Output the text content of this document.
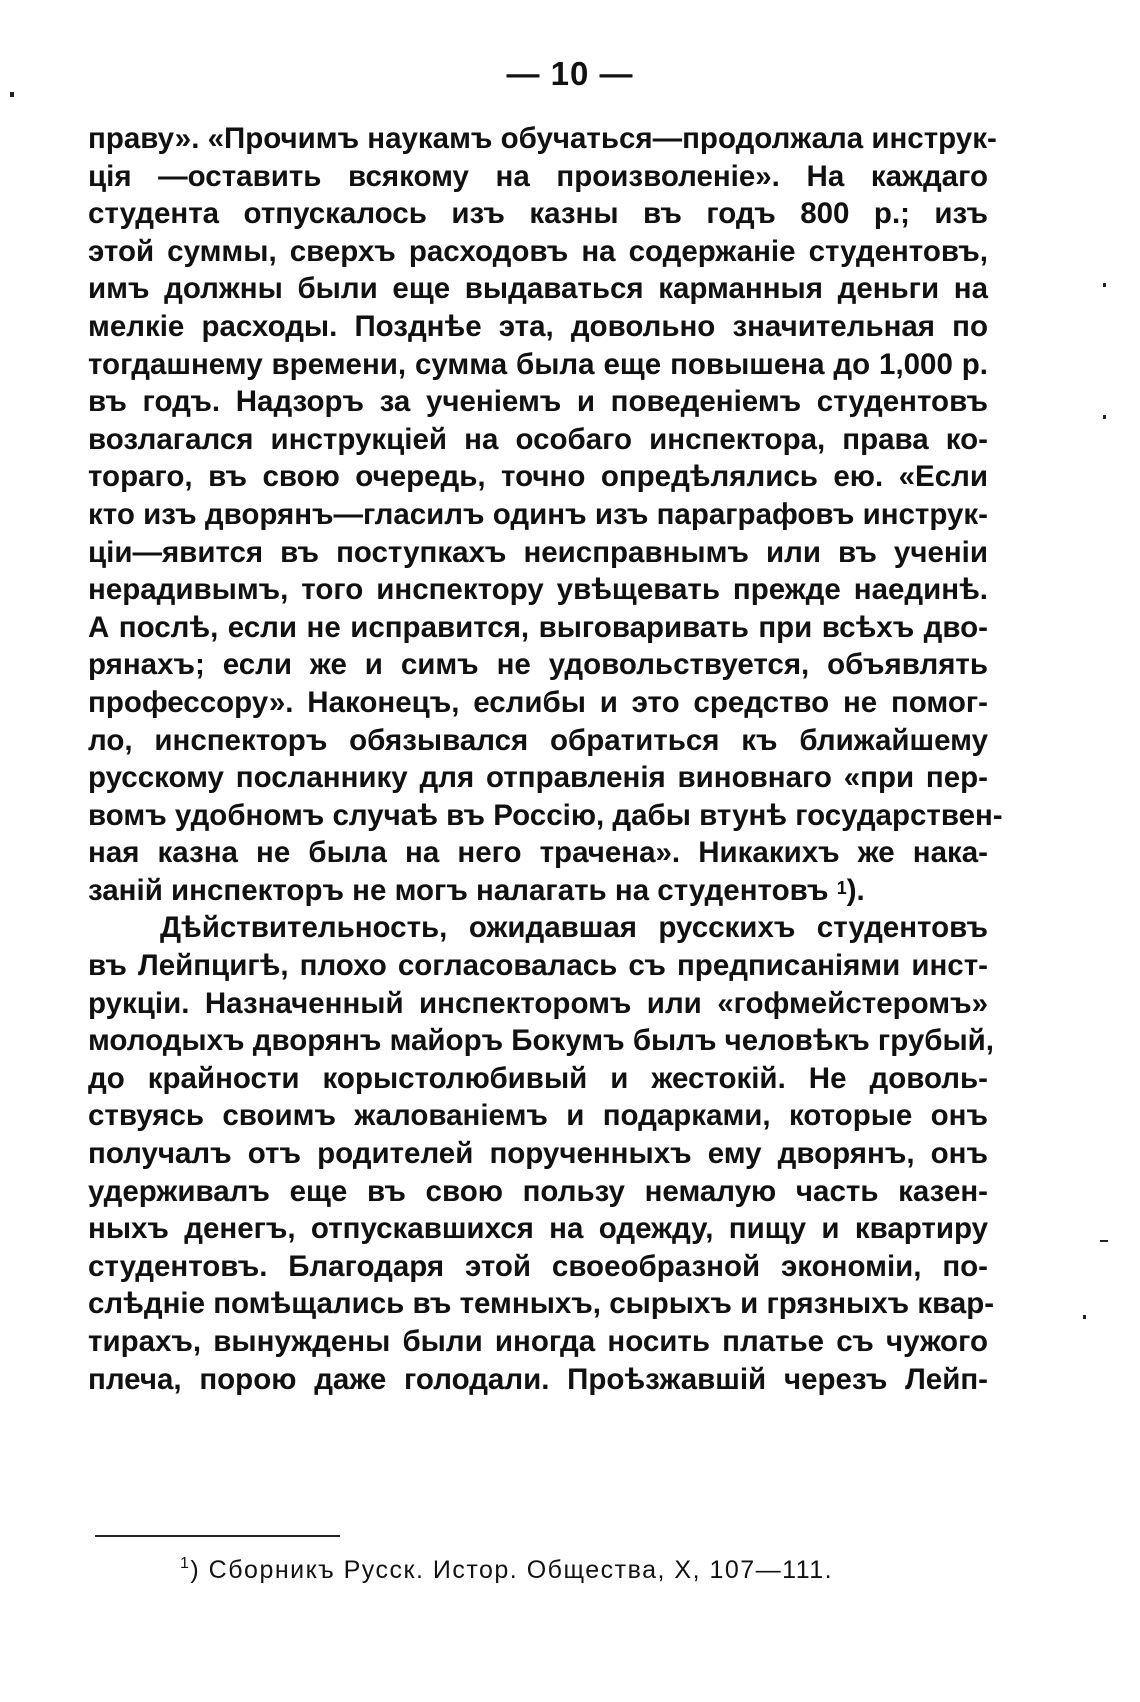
— 10 —
праву». «Прочимъ наукамъ обучаться—продолжала инструк-
ція —оставить всякому на произволеніе». На каждаго
студента отпускалось изъ казны въ годъ 800 р.; изъ
этой суммы, сверхъ расходовъ на содержаніе студентовъ,
имъ должны были еще выдаваться карманныя деньги на
мелкіе расходы. Позднѣе эта, довольно значительная по
тогдашнему времени, сумма была еще повышена до 1,000 р.
въ годъ. Надзоръ за ученіемъ и поведеніемъ студентовъ
возлагался инструкціей на особаго инспектора, права ко-
тораго, въ свою очередь, точно опредѣлялись ею. «Если
кто изъ дворянъ—гласилъ одинъ изъ параграфовъ инструк-
ціи—явится въ поступкахъ неисправнымъ или въ ученіи
нерадивымъ, того инспектору увѣщевать прежде наединѣ.
А послѣ, если не исправится, выговаривать при всѣхъ дво-
рянахъ; если же и симъ не удовольствуется, объявлять
профессору». Наконецъ, еслибы и это средство не помог-
ло, инспекторъ обязывался обратиться къ ближайшему
русскому посланнику для отправленія виновнаго «при пер-
вомъ удобномъ случаѣ въ Россію, дабы втунѣ государствен-
ная казна не была на него трачена». Никакихъ же нака-
заній инспекторъ не могъ налагать на студентовъ $^1$).
Дѣйствительность, ожидавшая русскихъ студентовъ
въ Лейпцигѣ, плохо согласовалась съ предписаніями инст-
рукціи. Назначенный инспекторомъ или «гофмейстеромъ»
молодыхъ дворянъ майоръ Бокумъ былъ человѣкъ грубый,
до крайности корыстолюбивый и жестокій. Не доволь-
ствуясь своимъ жалованіемъ и подарками, которые онъ
получалъ отъ родителей порученныхъ ему дворянъ, онъ
удерживалъ еще въ свою пользу немалую часть казен-
ныхъ денегъ, отпускавшихся на одежду, пищу и квартиру
студентовъ. Благодаря этой своеобразной экономіи, по-
слѣдніе помѣщались въ темныхъ, сырыхъ и грязныхъ квар-
тирахъ, вынуждены были иногда носить платье съ чужого
плеча, порою даже голодали. Проѣзжавшій черезъ Лейп-
$^1$) Сборникъ Русск. Истор. Общества, X, 107—111.
